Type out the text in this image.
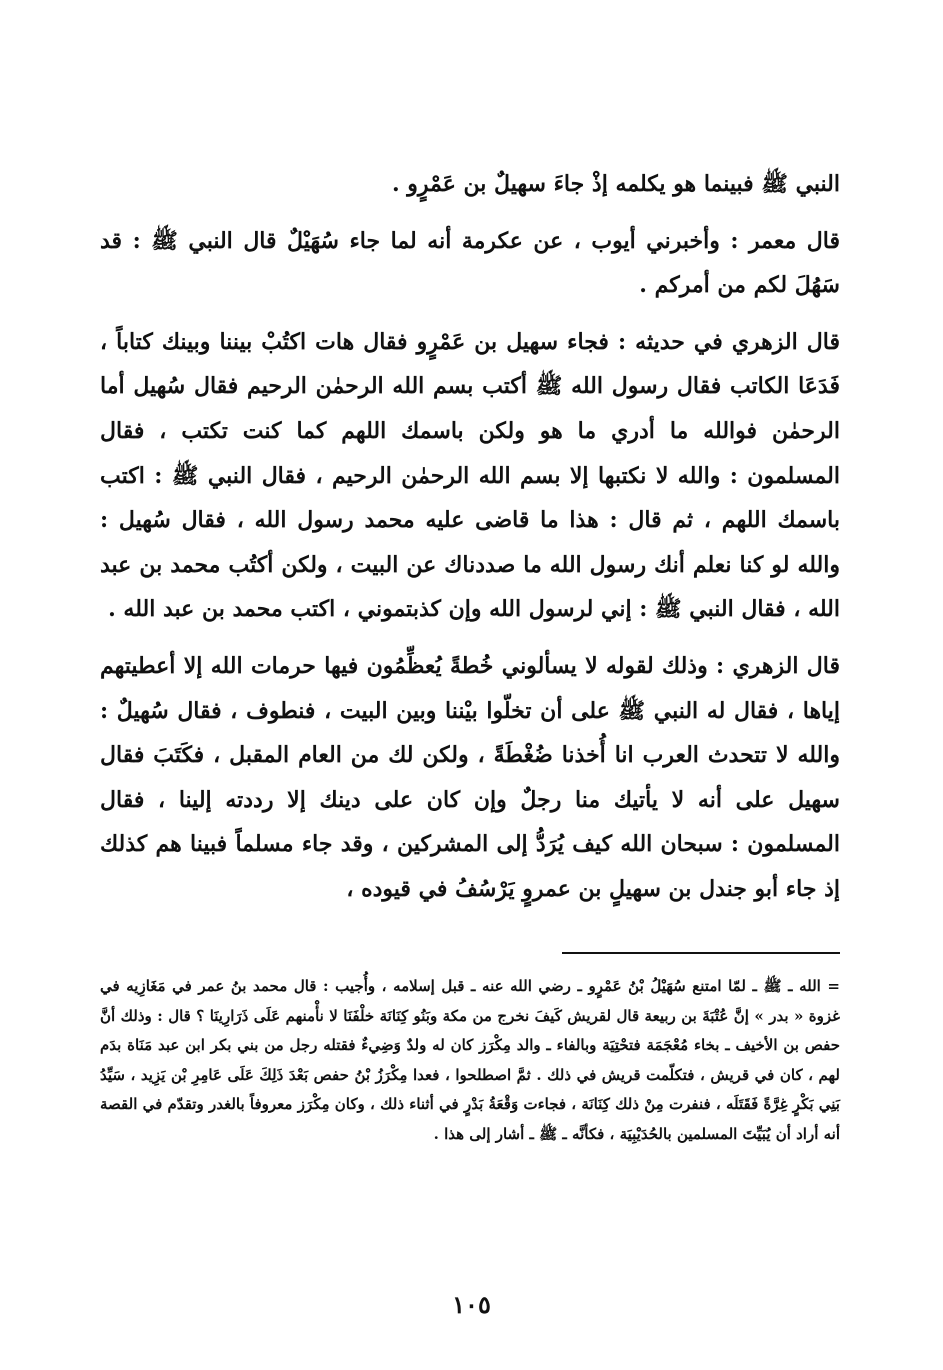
النبي ﷺ فبينما هو يكلمه إذْ جاءَ سهيلٌ بن عَمْرٍو .

قال معمر : وأخبرني أيوب ، عن عكرمة أنه لما جاء سُهَيْلٌ قال النبي ﷺ : قد سَهُلَ لكم من أمركم .

قال الزهري في حديثه : فجاء سهيل بن عَمْرٍو فقال هات اكتُبْ بيننا وبينك كتاباً ، فَدَعَا الكاتب فقال رسول الله ﷺ أكتب بسم الله الرحمٰن الرحيم فقال سُهيل أما الرحمٰن فوالله ما أدري ما هو ولكن باسمك اللهم كما كنت تكتب ، فقال المسلمون : والله لا نكتبها إلا بسم الله الرحمٰن الرحيم ، فقال النبي ﷺ : اكتب باسمك اللهم ، ثم قال : هذا ما قاضى عليه محمد رسول الله ، فقال سُهيل : والله لو كنا نعلم أنك رسول الله ما صددناك عن البيت ، ولكن أكتُب محمد بن عبد الله ، فقال النبي ﷺ : إني لرسول الله وإن كذبتموني ، اكتب محمد بن عبد الله .

قال الزهري : وذلك لقوله لا يسألوني خُطةً يُعظِّمُون فيها حرمات الله إلا أعطيتهم إياها ، فقال له النبي ﷺ على أن تخلّوا بيْننا وبين البيت ، فنطوف ، فقال سُهيلٌ : والله لا تتحدث العرب انا أُخذنا ضُغْطَةً ، ولكن لك من العام المقبل ، فكَتَبَ فقال سهيل على أنه لا يأتيك منا رجلٌ وإن كان على دينك إلا رددته إلينا ، فقال المسلمون : سبحان الله كيف يُرَدُّ إلى المشركين ، وقد جاء مسلماً فبينا هم كذلك إذ جاء أبو جندل بن سهيلٍ بن عمروٍ يَرْسُفُ في قيوده ،

= الله ـ ﷺ ـ لمّا امتنع سُهَيْلُ بْنُ عَمْرٍو ـ رضي الله عنه ـ قبل إسلامه ، وأُجيب : قال محمد بنُ عمر في مَغَازِيه في غزوة « بدر » إنَّ عُتْبَةَ بن ربيعة قال لقريش كَيفَ نخرج من مكة وبَنُو كِنَانَة خلْفَنَا لا نأْمنهم عَلَى ذَرَارِينَا ؟ قال : وذلك أنَّ حفص بن الأخيف ـ بخاء مُعْجَمَة فتحْتِيَة وبالفاء ـ والد مِكْرَز كان له ولدٌ وَضِيءٌ فقتله رجل من بني بكر ابن عبد مَنَاة بدَم لهم ، كان في قريش ، فتكلّمت قريش في ذلك . ثمَّ اصطلحوا ، فعدا مِكْرَزُ بْنُ حفص بَعْدَ ذَلِكَ عَلَى عَامِرِ بْن يَزِيد ، سَيِّدُ بَنِي بَكْرٍ غِرَّةً فَقَتَلَه ، فنفرت مِنْ ذلك كِنَانَة ، فجاءت وَقْعَةُ بَدْرٍ في أثناء ذلك ، وكان مِكْرَز معروفاً بالغدر وتقدّم في القصة أنه أراد أن يُبَيِّتَ المسلمين بالحُدَيْبِيَة ، فكأنَّه ـ ﷺ ـ أشار إلى هذا .

١٠٥
